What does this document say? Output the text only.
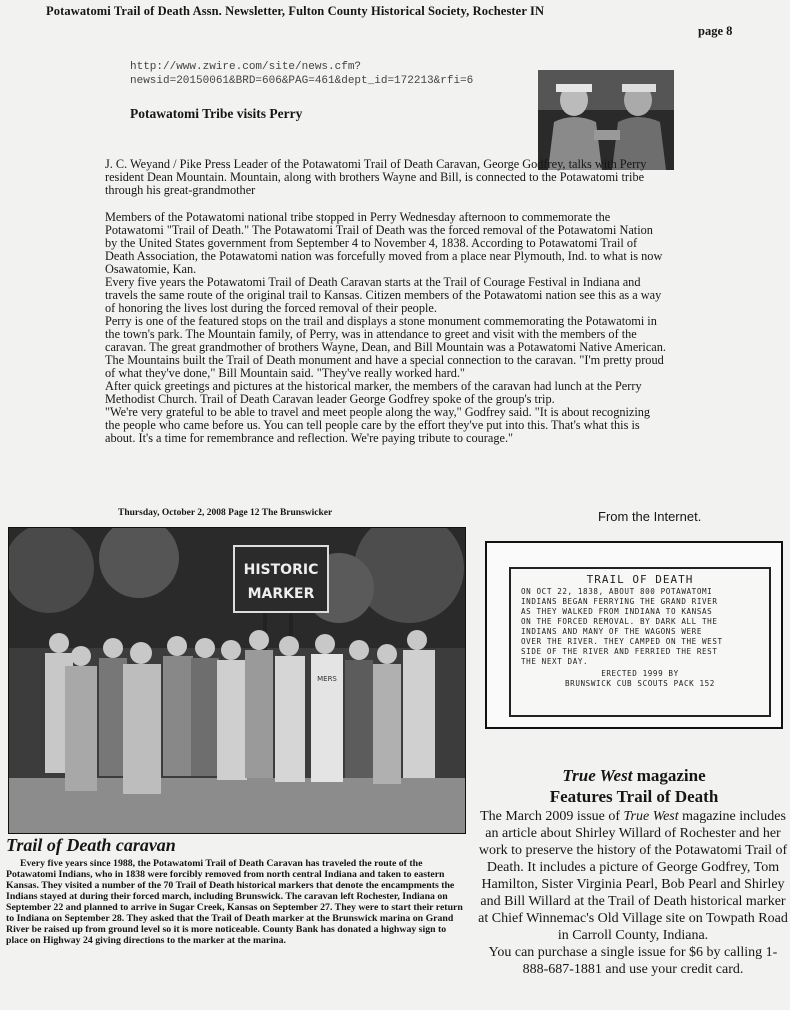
Potawatomi Trail of Death Assn. Newsletter, Fulton County Historical Society, Rochester IN
page 8
http://www.zwire.com/site/news.cfm?
newsid=20150061&BRD=606&PAG=461&dept_id=172213&rfi=6
Potawatomi Tribe visits Perry
J. C. Weyand / Pike Press Leader of the Potawatomi Trail of Death Caravan, George Godfrey, talks with Perry resident Dean Mountain. Mountain, along with brothers Wayne and Bill, is connected to the Potawatomi tribe through his great-grandmother
Members of the Potawatomi national tribe stopped in Perry Wednesday afternoon to commemorate the Potawatomi "Trail of Death." The Potawatomi Trail of Death was the forced removal of the Potawatomi Nation by the United States government from September 4 to November 4, 1838. According to Potawatomi Trail of Death Association, the Potawatomi nation was forcefully moved from a place near Plymouth, Ind. to what is now Osawatomie, Kan.
Every five years the Potawatomi Trail of Death Caravan starts at the Trail of Courage Festival in Indiana and travels the same route of the original trail to Kansas. Citizen members of the Potawatomi nation see this as a way of honoring the lives lost during the forced removal of their people.
Perry is one of the featured stops on the trail and displays a stone monument commemorating the Potawatomi in the town's park. The Mountain family, of Perry, was in attendance to greet and visit with the members of the caravan. The great grandmother of brothers Wayne, Dean, and Bill Mountain was a Potawatomi Native American.
The Mountains built the Trail of Death monument and have a special connection to the caravan. "I'm pretty proud of what they've done," Bill Mountain said. "They've really worked hard."
After quick greetings and pictures at the historical marker, the members of the caravan had lunch at the Perry Methodist Church. Trail of Death Caravan leader George Godfrey spoke of the group's trip.
"We're very grateful to be able to travel and meet people along the way," Godfrey said. "It is about recognizing the people who came before us. You can tell people care by the effort they've put into this. That's what this is about. It's a time for remembrance and reflection. We're paying tribute to courage."
Thursday, October 2, 2008 Page 12 The Brunswicker	From the Internet.
HISTORIC
MARKER
MERS
Trail of Death caravan
Every five years since 1988, the Potawatomi Trail of Death Caravan has traveled the route of the Potawatomi Indians, who in 1838 were forcibly removed from north central Indiana and taken to eastern Kansas. They visited a number of the 70 Trail of Death historical markers that denote the encampments the Indians stayed at during their forced march, including Brunswick. The caravan left Rochester, Indiana on September 22 and planned to arrive in Sugar Creek, Kansas on September 27. They were to start their return to Indiana on September 28. They asked that the Trail of Death marker at the Brunswick marina on Grand River be raised up from ground level so it is more noticeable. County Bank has donated a highway sign to place on Highway 24 giving directions to the marker at the marina.
TRAIL OF DEATH
ON OCT 22, 1838, ABOUT 800 POTAWATOMI
INDIANS BEGAN FERRYING THE GRAND RIVER
AS THEY WALKED FROM INDIANA TO KANSAS
ON THE FORCED REMOVAL. BY DARK ALL THE
INDIANS AND MANY OF THE WAGONS WERE
OVER THE RIVER. THEY CAMPED ON THE WEST
SIDE OF THE RIVER AND FERRIED THE REST
THE NEXT DAY.
ERECTED 1999 BY
BRUNSWICK CUB SCOUTS PACK 152
True West magazine
Features Trail of Death
The March 2009 issue of True West magazine includes an article about Shirley Willard of Rochester and her work to preserve the history of the Potawatomi Trail of Death. It includes a picture of George Godfrey, Tom Hamilton, Sister Virginia Pearl, Bob Pearl and Shirley and Bill Willard at the Trail of Death historical marker at Chief Winnemac's Old Village site on Towpath Road in Carroll County, Indiana.
You can purchase a single issue for $6 by calling 1-888-687-1881 and use your credit card.
